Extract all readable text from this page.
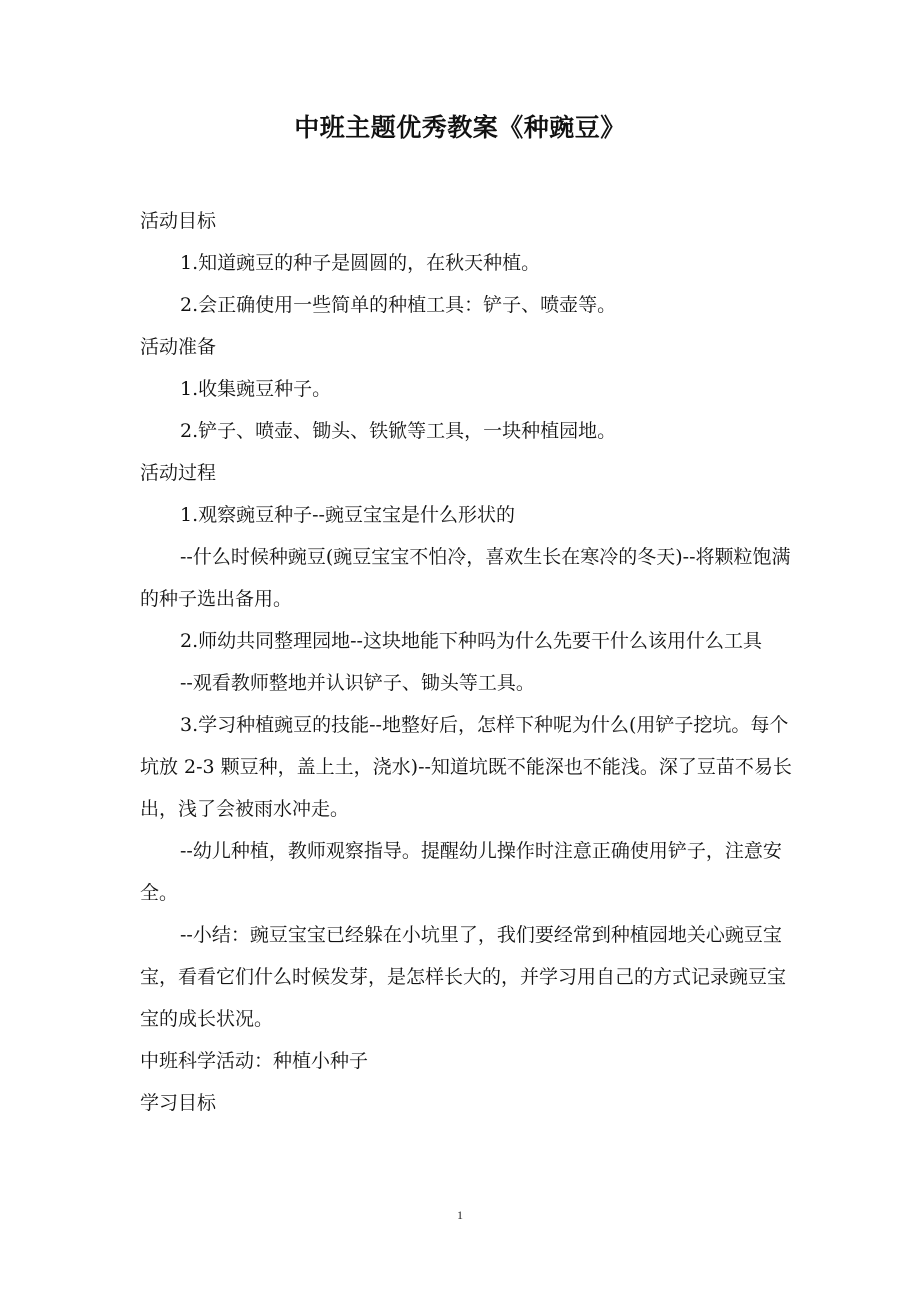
中班主题优秀教案《种豌豆》

活动目标

1.知道豌豆的种子是圆圆的，在秋天种植。

2.会正确使用一些简单的种植工具：铲子、喷壶等。

活动准备

1.收集豌豆种子。

2.铲子、喷壶、锄头、铁锨等工具，一块种植园地。

活动过程

1.观察豌豆种子--豌豆宝宝是什么形状的

--什么时候种豌豆(豌豆宝宝不怕冷，喜欢生长在寒冷的冬天)--将颗粒饱满的种子选出备用。

2.师幼共同整理园地--这块地能下种吗为什么先要干什么该用什么工具

--观看教师整地并认识铲子、锄头等工具。

3.学习种植豌豆的技能--地整好后，怎样下种呢为什么(用铲子挖坑。每个坑放 2-3 颗豆种，盖上土，浇水)--知道坑既不能深也不能浅。深了豆苗不易长出，浅了会被雨水冲走。

--幼儿种植，教师观察指导。提醒幼儿操作时注意正确使用铲子，注意安全。

--小结：豌豆宝宝已经躲在小坑里了，我们要经常到种植园地关心豌豆宝宝，看看它们什么时候发芽，是怎样长大的，并学习用自己的方式记录豌豆宝宝的成长状况。

中班科学活动：种植小种子

学习目标

1
